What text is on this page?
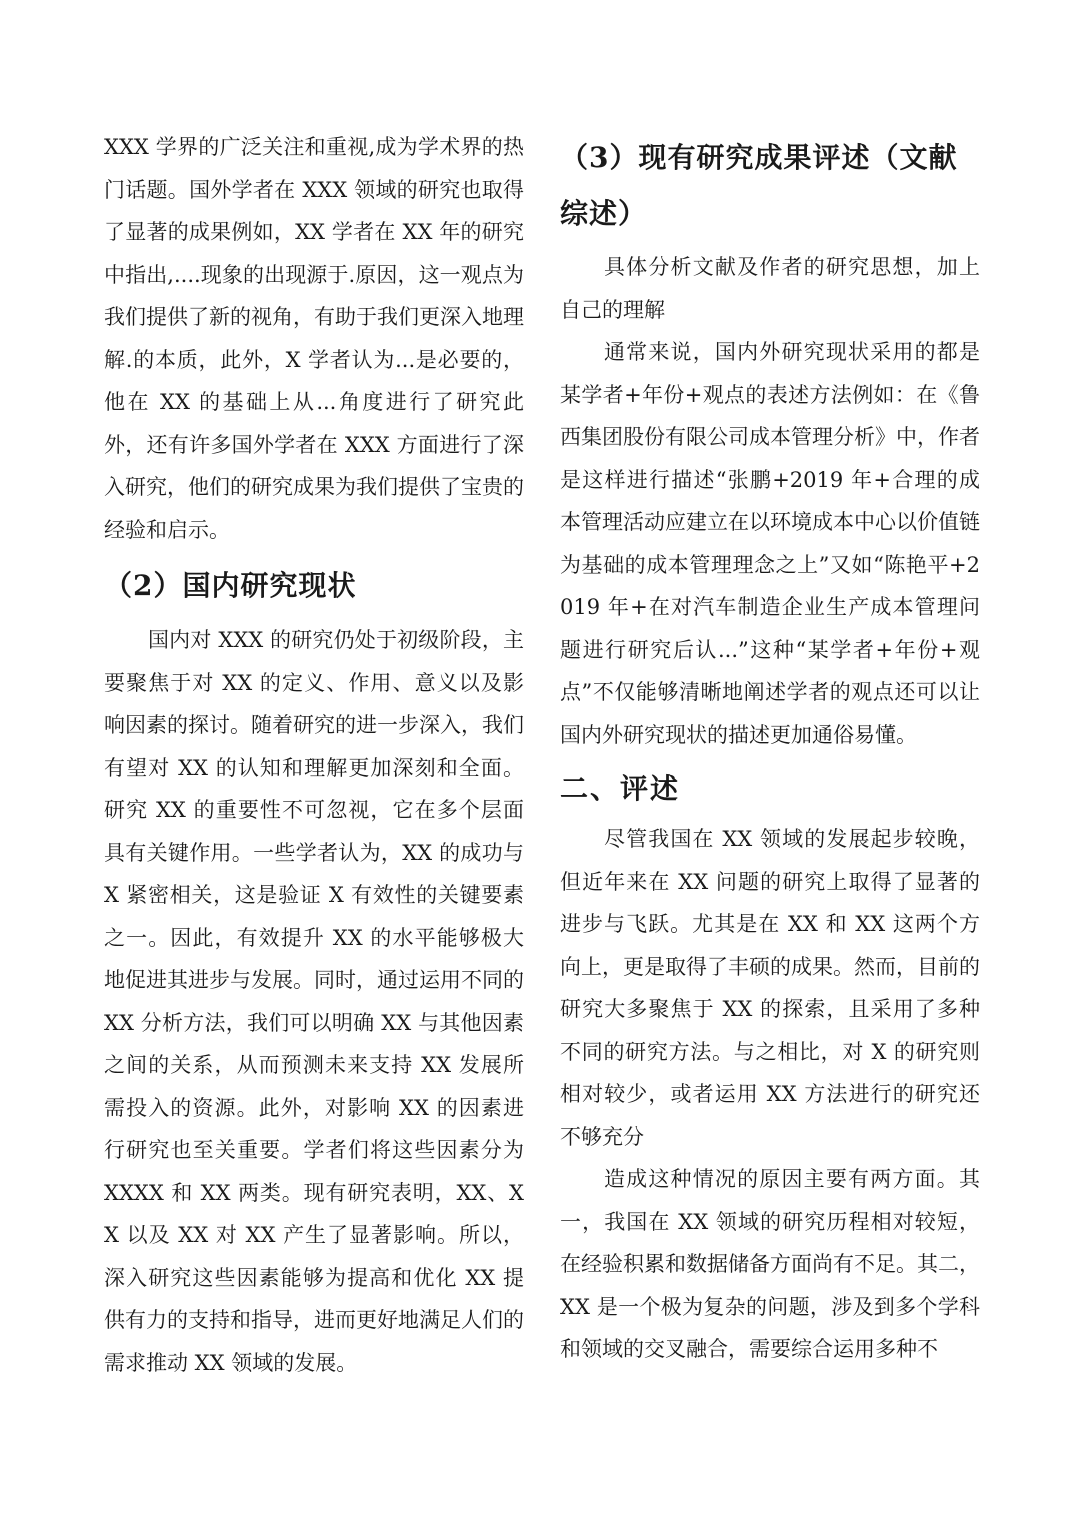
XXX 学界的广泛关注和重视,成为学术界的热门话题。国外学者在 XXX 领域的研究也取得了显著的成果例如，XX 学者在 XX 年的研究中指出,....现象的出现源于.原因，这一观点为我们提供了新的视角，有助于我们更深入地理解.的本质，此外，X 学者认为...是必要的，他在 XX 的基础上从...角度进行了研究此外，还有许多国外学者在 XXX 方面进行了深入研究，他们的研究成果为我们提供了宝贵的经验和启示。

（2）国内研究现状

国内对 XXX 的研究仍处于初级阶段，主要聚焦于对 XX 的定义、作用、意义以及影响因素的探讨。随着研究的进一步深入，我们有望对 XX 的认知和理解更加深刻和全面。研究 XX 的重要性不可忽视，它在多个层面具有关键作用。一些学者认为，XX 的成功与 X 紧密相关，这是验证 X 有效性的关键要素之一。因此，有效提升 XX 的水平能够极大地促进其进步与发展。同时，通过运用不同的 XX 分析方法，我们可以明确 XX 与其他因素之间的关系，从而预测未来支持 XX 发展所需投入的资源。此外，对影响 XX 的因素进行研究也至关重要。学者们将这些因素分为 XXXX 和 XX 两类。现有研究表明，XX、XX 以及 XX 对 XX 产生了显著影响。所以，深入研究这些因素能够为提高和优化 XX 提供有力的支持和指导，进而更好地满足人们的需求推动 XX 领域的发展。

（3）现有研究成果评述（文献综述）

具体分析文献及作者的研究思想，加上自己的理解

通常来说，国内外研究现状采用的都是某学者+年份+观点的表述方法例如：在《鲁西集团股份有限公司成本管理分析》中，作者是这样进行描述“张鹏+2019 年+合理的成本管理活动应建立在以环境成本中心以价值链为基础的成本管理理念之上”又如“陈艳平+2019 年+在对汽车制造企业生产成本管理问题进行研究后认...”这种“某学者+年份+观点”不仅能够清晰地阐述学者的观点还可以让国内外研究现状的描述更加通俗易懂。

二、评述

尽管我国在 XX 领域的发展起步较晚，但近年来在 XX 问题的研究上取得了显著的进步与飞跃。尤其是在 XX 和 XX 这两个方向上，更是取得了丰硕的成果。然而，目前的研究大多聚焦于 XX 的探索，且采用了多种不同的研究方法。与之相比，对 X 的研究则相对较少，或者运用 XX 方法进行的研究还不够充分

造成这种情况的原因主要有两方面。其一，我国在 XX 领域的研究历程相对较短，在经验积累和数据储备方面尚有不足。其二，XX 是一个极为复杂的问题，涉及到多个学科和领域的交叉融合，需要综合运用多种不
